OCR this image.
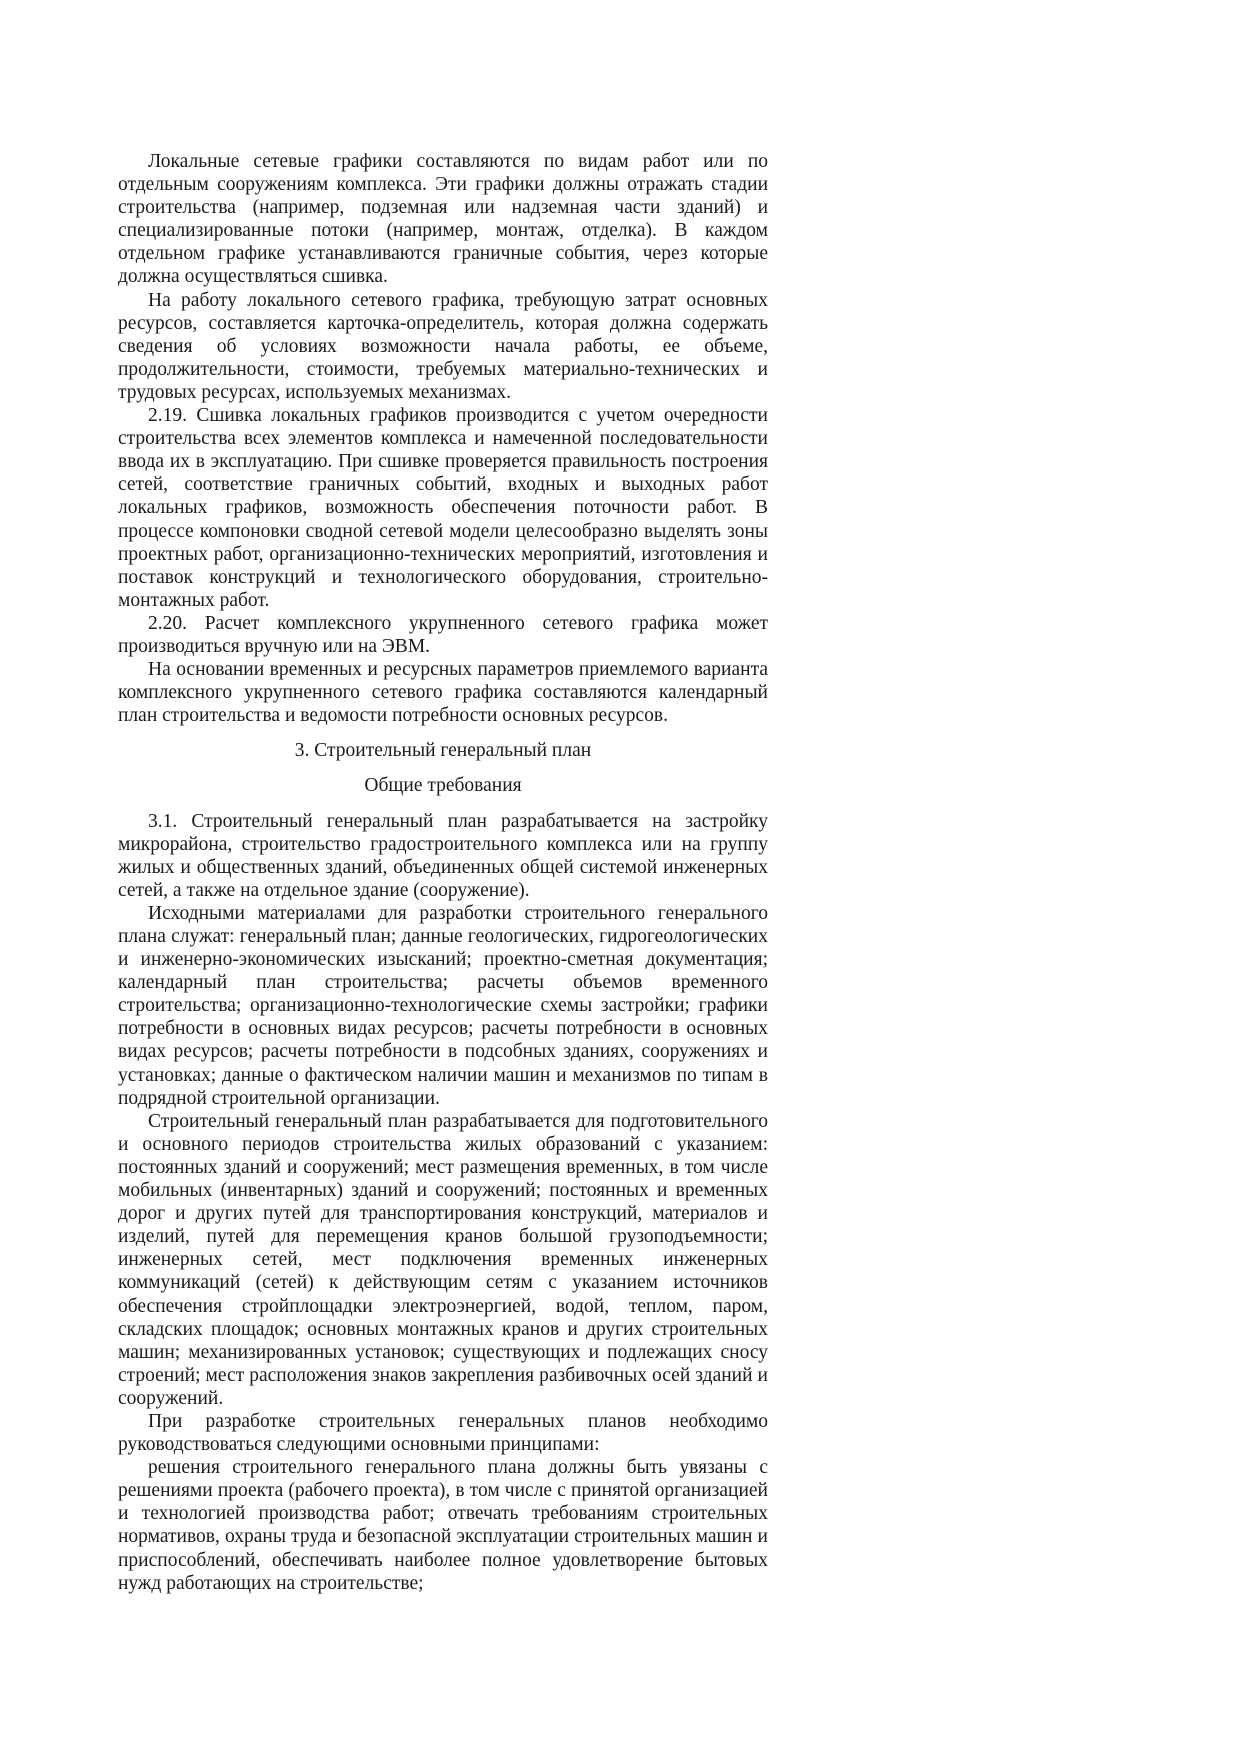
Локальные сетевые графики составляются по видам работ или по отдельным сооружениям комплекса. Эти графики должны отражать стадии строительства (например, подземная или надземная части зданий) и специализированные потоки (например, монтаж, отделка). В каждом отдельном графике устанавливаются граничные события, через которые должна осуществляться сшивка.

На работу локального сетевого графика, требующую затрат основных ресурсов, составляется карточка-определитель, которая должна содержать сведения об условиях возможности начала работы, ее объеме, продолжительности, стоимости, требуемых материально-технических и трудовых ресурсах, используемых механизмах.

2.19. Сшивка локальных графиков производится с учетом очередности строительства всех элементов комплекса и намеченной последовательности ввода их в эксплуатацию. При сшивке проверяется правильность построения сетей, соответствие граничных событий, входных и выходных работ локальных графиков, возможность обеспечения поточности работ. В процессе компоновки сводной сетевой модели целесообразно выделять зоны проектных работ, организационно-технических мероприятий, изготовления и поставок конструкций и технологического оборудования, строительно-монтажных работ.

2.20. Расчет комплексного укрупненного сетевого графика может производиться вручную или на ЭВМ.

На основании временных и ресурсных параметров приемлемого варианта комплексного укрупненного сетевого графика составляются календарный план строительства и ведомости потребности основных ресурсов.

3. Строительный генеральный план

Общие требования

3.1. Строительный генеральный план разрабатывается на застройку микрорайона, строительство градостроительного комплекса или на группу жилых и общественных зданий, объединенных общей системой инженерных сетей, а также на отдельное здание (сооружение).

Исходными материалами для разработки строительного генерального плана служат: генеральный план; данные геологических, гидрогеологических и инженерно-экономических изысканий; проектно-сметная документация; календарный план строительства; расчеты объемов временного строительства; организационно-технологические схемы застройки; графики потребности в основных видах ресурсов; расчеты потребности в основных видах ресурсов; расчеты потребности в подсобных зданиях, сооружениях и установках; данные о фактическом наличии машин и механизмов по типам в подрядной строительной организации.

Строительный генеральный план разрабатывается для подготовительного и основного периодов строительства жилых образований с указанием: постоянных зданий и сооружений; мест размещения временных, в том числе мобильных (инвентарных) зданий и сооружений; постоянных и временных дорог и других путей для транспортирования конструкций, материалов и изделий, путей для перемещения кранов большой грузоподъемности; инженерных сетей, мест подключения временных инженерных коммуникаций (сетей) к действующим сетям с указанием источников обеспечения стройплощадки электроэнергией, водой, теплом, паром, складских площадок; основных монтажных кранов и других строительных машин; механизированных установок; существующих и подлежащих сносу строений; мест расположения знаков закрепления разбивочных осей зданий и сооружений.

При разработке строительных генеральных планов необходимо руководствоваться следующими основными принципами:

решения строительного генерального плана должны быть увязаны с решениями проекта (рабочего проекта), в том числе с принятой организацией и технологией производства работ; отвечать требованиям строительных нормативов, охраны труда и безопасной эксплуатации строительных машин и приспособлений, обеспечивать наиболее полное удовлетворение бытовых нужд работающих на строительстве;
